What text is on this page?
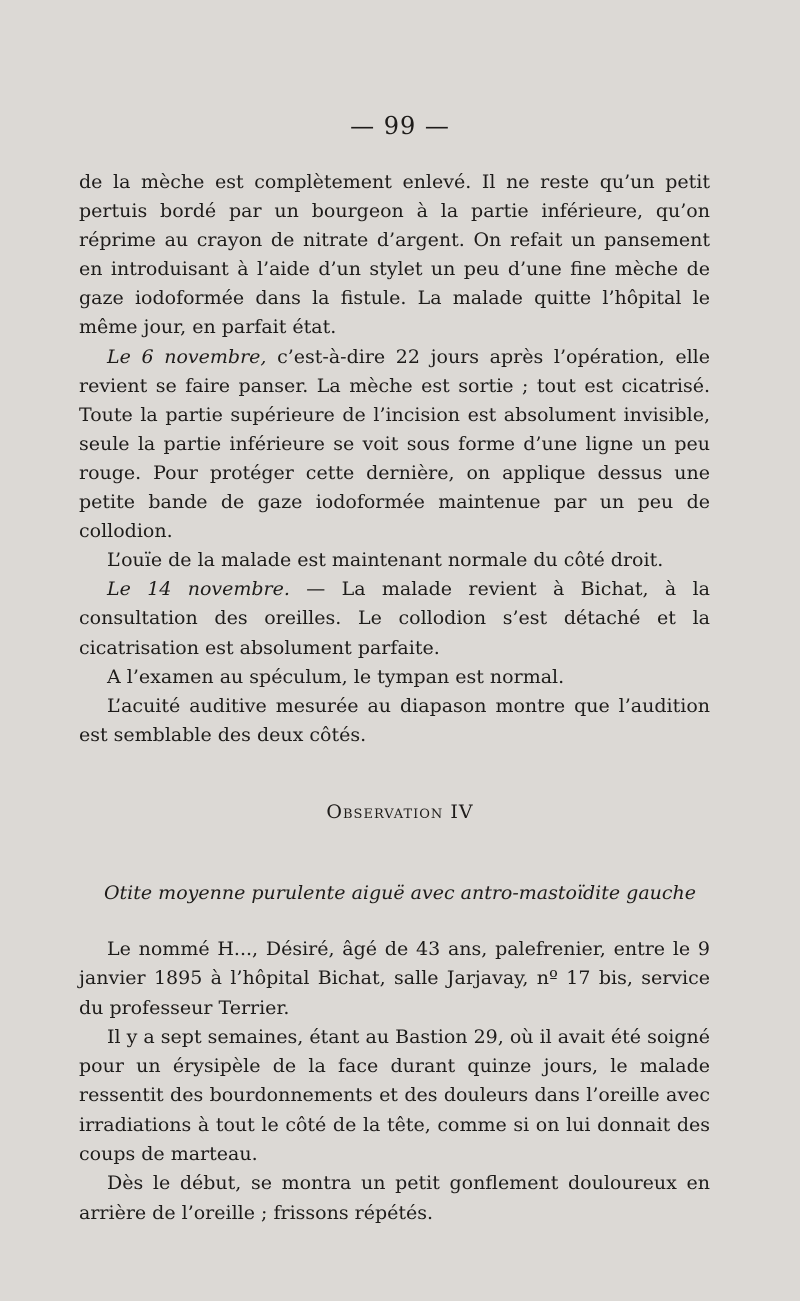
— 99 —

de la mèche est complètement enlevé. Il ne reste qu’un petit pertuis bordé par un bourgeon à la partie inférieure, qu’on réprime au crayon de nitrate d’argent. On refait un pansement en introduisant à l’aide d’un stylet un peu d’une fine mèche de gaze iodoformée dans la fistule. La malade quitte l’hôpital le même jour, en parfait état.

Le 6 novembre, c’est-à-dire 22 jours après l’opération, elle revient se faire panser. La mèche est sortie ; tout est cicatrisé. Toute la partie supérieure de l’incision est absolument invisible, seule la partie inférieure se voit sous forme d’une ligne un peu rouge. Pour protéger cette dernière, on applique dessus une petite bande de gaze iodoformée maintenue par un peu de collodion.

L’ouïe de la malade est maintenant normale du côté droit.

Le 14 novembre. — La malade revient à Bichat, à la consultation des oreilles. Le collodion s’est détaché et la cicatrisation est absolument parfaite.

A l’examen au spéculum, le tympan est normal.

L’acuité auditive mesurée au diapason montre que l’audition est semblable des deux côtés.

Observation IV
Otite moyenne purulente aiguë avec antro-mastoïdite gauche

Le nommé H..., Désiré, âgé de 43 ans, palefrenier, entre le 9 janvier 1895 à l’hôpital Bichat, salle Jarjavay, nº 17 bis, service du professeur Terrier.

Il y a sept semaines, étant au Bastion 29, où il avait été soigné pour un érysipèle de la face durant quinze jours, le malade ressentit des bourdonnements et des douleurs dans l’oreille avec irradiations à tout le côté de la tête, comme si on lui donnait des coups de marteau.

Dès le début, se montra un petit gonflement douloureux en arrière de l’oreille ; frissons répétés.
